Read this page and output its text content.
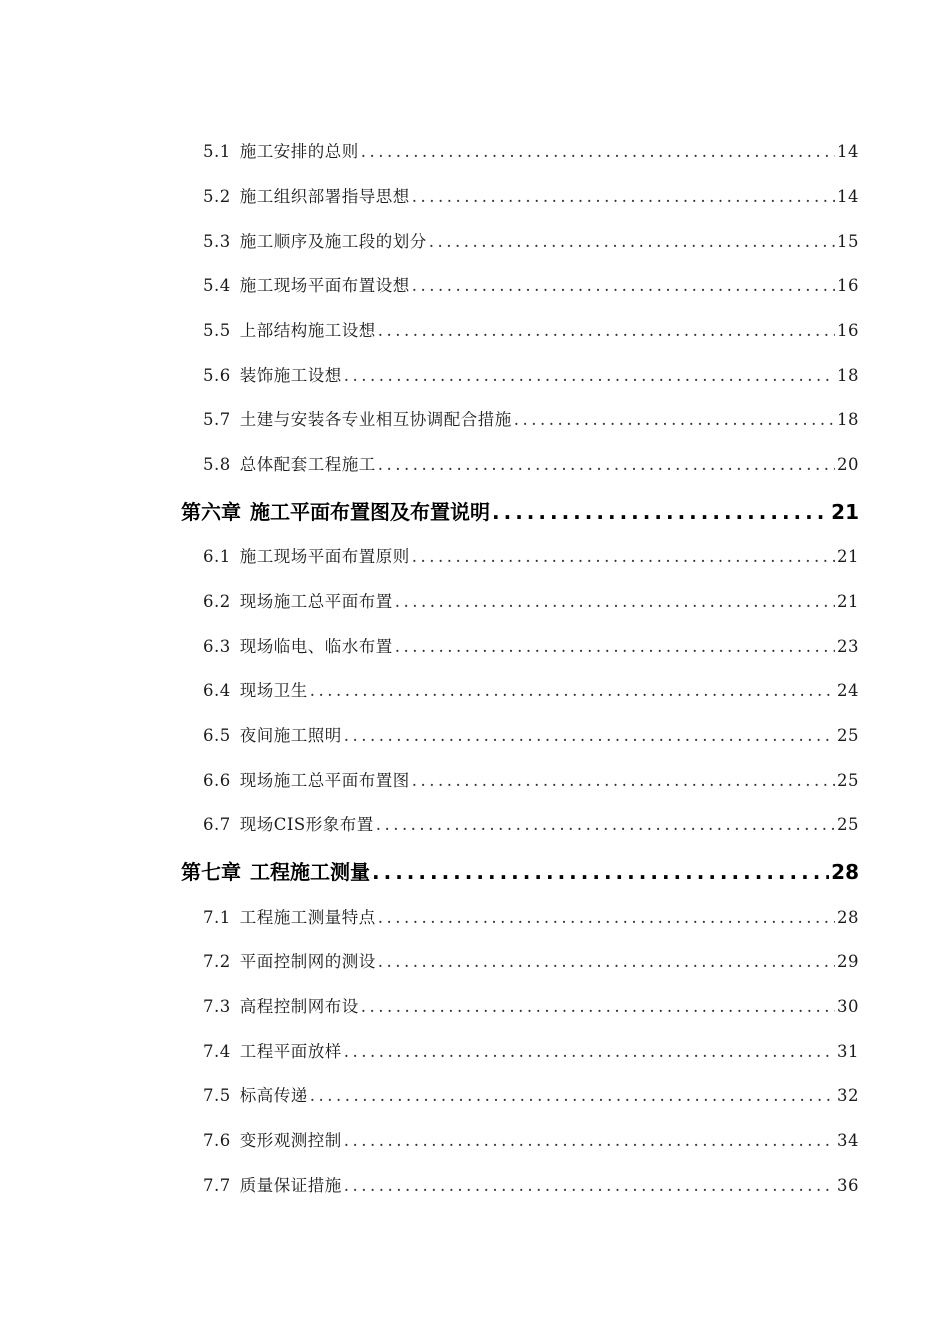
5.1 施工安排的总则 .....	14
5.2 施工组织部署指导思想 .....	14
5.3 施工顺序及施工段的划分 .....	15
5.4 施工现场平面布置设想 .....	16
5.5 上部结构施工设想 .....	16
5.6 装饰施工设想 .....	18
5.7 土建与安装各专业相互协调配合措施 .....	18
5.8 总体配套工程施工 .....	20
第六章 施工平面布置图及布置说明 .....	21
6.1 施工现场平面布置原则 .....	21
6.2 现场施工总平面布置 .....	21
6.3 现场临电、临水布置 .....	23
6.4 现场卫生 .....	24
6.5 夜间施工照明 .....	25
6.6 现场施工总平面布置图 .....	25
6.7 现场CIS形象布置 .....	25
第七章 工程施工测量 .....	28
7.1 工程施工测量特点 .....	28
7.2 平面控制网的测设 .....	29
7.3 高程控制网布设 .....	30
7.4 工程平面放样 .....	31
7.5 标高传递 .....	32
7.6 变形观测控制 .....	34
7.7 质量保证措施 .....	36
